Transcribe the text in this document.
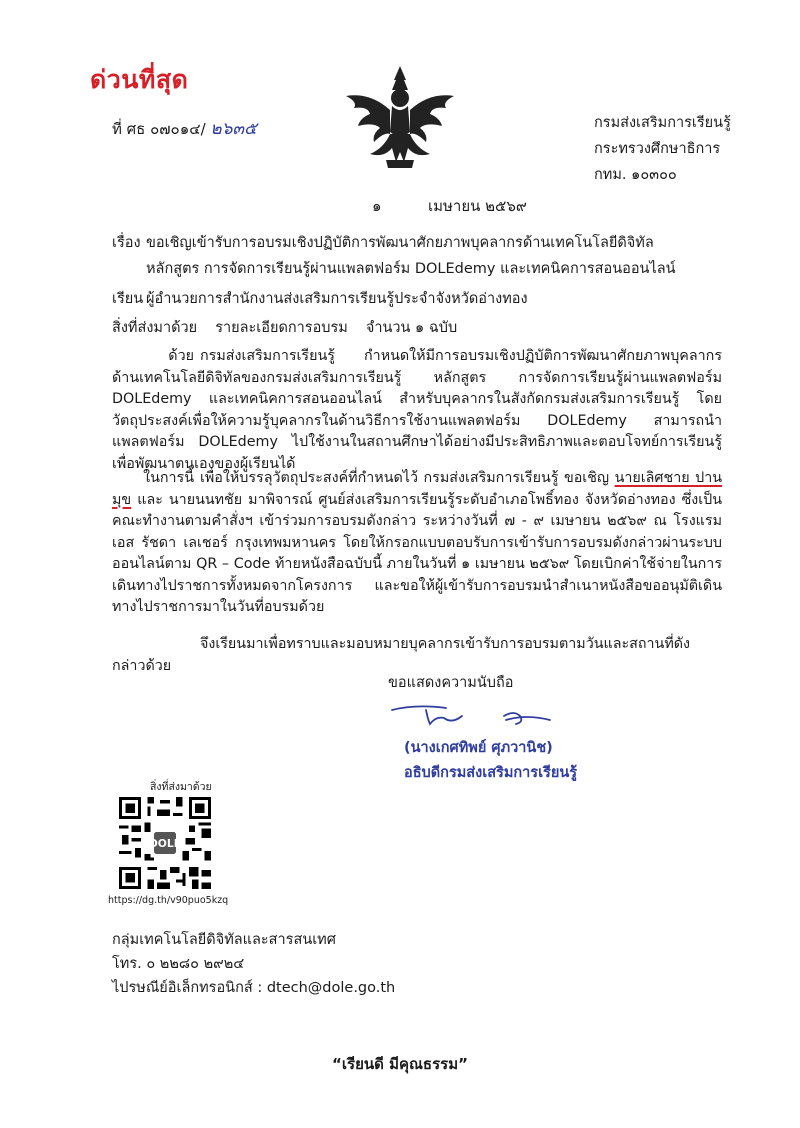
ด่วนที่สุด
ที่ ศธ ๐๗๐๑๔/ ๒๖๓๕	กรมส่งเสริมการเรียนรู้
กระทรวงศึกษาธิการ
กทม. ๑๐๓๐๐
๑	เมษายน ๒๕๖๙
เรื่อง ขอเชิญเข้ารับการอบรมเชิงปฏิบัติการพัฒนาศักยภาพบุคลากรด้านเทคโนโลยีดิจิทัล
หลักสูตร การจัดการเรียนรู้ผ่านแพลตฟอร์ม DOLEdemy และเทคนิคการสอนออนไลน์
เรียน ผู้อำนวยการสำนักงานส่งเสริมการเรียนรู้ประจำจังหวัดอ่างทอง
สิ่งที่ส่งมาด้วย รายละเอียดการอบรม จำนวน ๑ ฉบับ
ด้วย กรมส่งเสริมการเรียนรู้ กำหนดให้มีการอบรมเชิงปฏิบัติการพัฒนาศักยภาพบุคลากรด้านเทคโนโลยีดิจิทัลของกรมส่งเสริมการเรียนรู้ หลักสูตร การจัดการเรียนรู้ผ่านแพลตฟอร์ม DOLEdemy และเทคนิคการสอนออนไลน์ สำหรับบุคลากรในสังกัดกรมส่งเสริมการเรียนรู้ โดยวัตถุประสงค์เพื่อให้ความรู้บุคลากรในด้านวิธีการใช้งานแพลตฟอร์ม DOLEdemy สามารถนำแพลตฟอร์ม DOLEdemy ไปใช้งานในสถานศึกษาได้อย่างมีประสิทธิภาพและตอบโจทย์การเรียนรู้เพื่อพัฒนาตนเองของผู้เรียนได้
ในการนี้ เพื่อให้บรรลุวัตถุประสงค์ที่กำหนดไว้ กรมส่งเสริมการเรียนรู้ ขอเชิญ นายเลิศชาย ปานมุข และ นายนนทชัย มาพิจารณ์ ศูนย์ส่งเสริมการเรียนรู้ระดับอำเภอโพธิ์ทอง จังหวัดอ่างทอง ซึ่งเป็นคณะทำงานตามคำสั่งฯ เข้าร่วมการอบรมดังกล่าว ระหว่างวันที่ ๗ - ๙ เมษายน ๒๕๖๙ ณ โรงแรม เอส รัชดา เลเชอร์ กรุงเทพมหานคร โดยให้กรอกแบบตอบรับการเข้ารับการอบรมดังกล่าวผ่านระบบออนไลน์ตาม QR – Code ท้ายหนังสือฉบับนี้ ภายในวันที่ ๑ เมษายน ๒๕๖๙ โดยเบิกค่าใช้จ่ายในการเดินทางไปราชการทั้งหมดจากโครงการ และขอให้ผู้เข้ารับการอบรมนำสำเนาหนังสือขออนุมัติเดินทางไปราชการมาในวันที่อบรมด้วย
จึงเรียนมาเพื่อทราบและมอบหมายบุคลากรเข้ารับการอบรมตามวันและสถานที่ดังกล่าวด้วย
ขอแสดงความนับถือ
(นางเกศทิพย์ ศุภวานิช)
อธิบดีกรมส่งเสริมการเรียนรู้
สิ่งที่ส่งมาด้วย
DOLE
https://dg.th/v90puo5kzq
กลุ่มเทคโนโลยีดิจิทัลและสารสนเทศ
โทร. ๐ ๒๒๘๐ ๒๙๒๔
ไปรษณีย์อิเล็กทรอนิกส์ : dtech@dole.go.th
“เรียนดี มีคุณธรรม”
